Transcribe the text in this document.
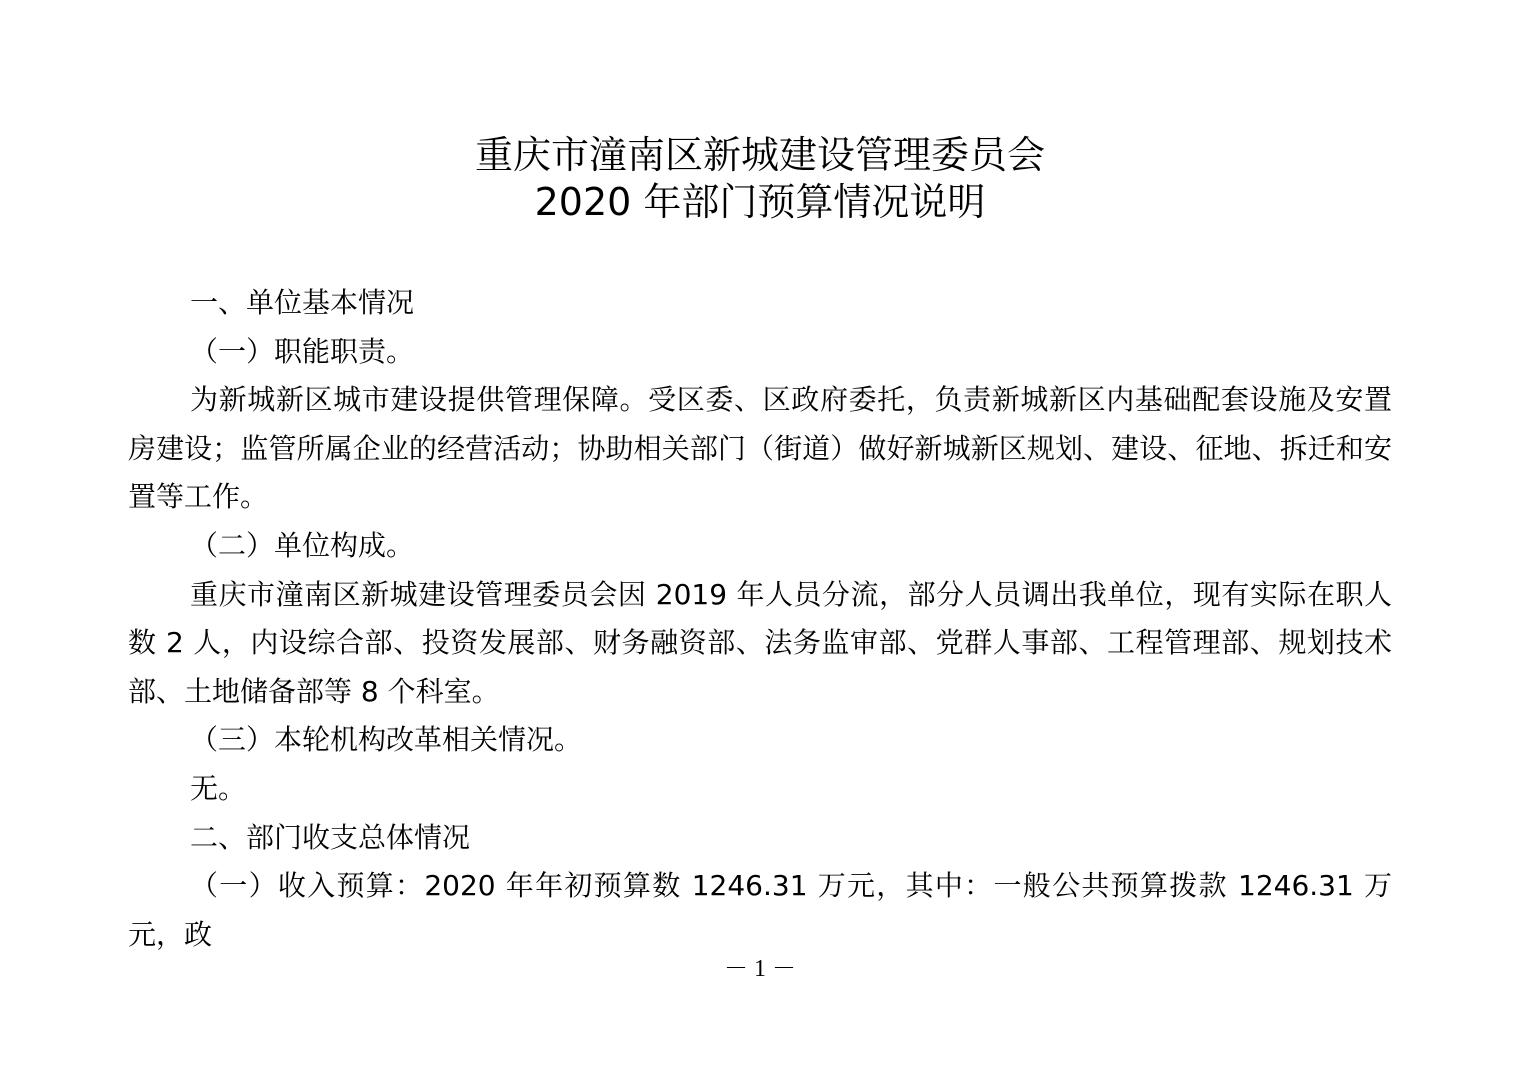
重庆市潼南区新城建设管理委员会
2020 年部门预算情况说明

一、单位基本情况

（一）职能职责。

为新城新区城市建设提供管理保障。受区委、区政府委托，负责新城新区内基础配套设施及安置房建设；监管所属企业的经营活动；协助相关部门（街道）做好新城新区规划、建设、征地、拆迁和安置等工作。

（二）单位构成。

重庆市潼南区新城建设管理委员会因 2019 年人员分流，部分人员调出我单位，现有实际在职人数 2 人，内设综合部、投资发展部、财务融资部、法务监审部、党群人事部、工程管理部、规划技术部、土地储备部等 8 个科室。

（三）本轮机构改革相关情况。

无。

二、部门收支总体情况

（一）收入预算：2020 年年初预算数 1246.31 万元，其中：一般公共预算拨款 1246.31 万元，政

－ 1 －
